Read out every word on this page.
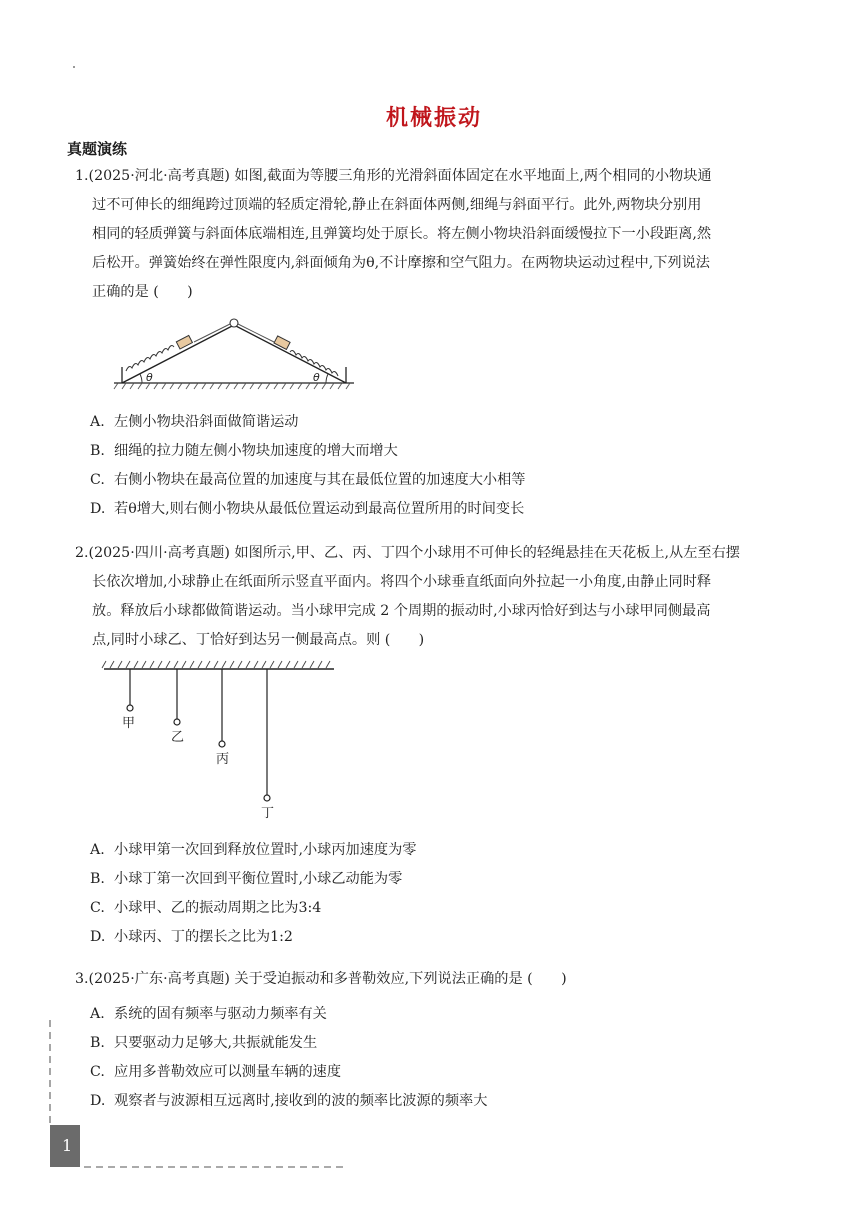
机械振动
真题演练
1.(2025·河北·高考真题) 如图,截面为等腰三角形的光滑斜面体固定在水平地面上,两个相同的小物块通
过不可伸长的细绳跨过顶端的轻质定滑轮,静止在斜面体两侧,细绳与斜面平行。此外,两物块分别用
相同的轻质弹簧与斜面体底端相连,且弹簧均处于原长。将左侧小物块沿斜面缓慢拉下一小段距离,然
后松开。弹簧始终在弹性限度内,斜面倾角为θ,不计摩擦和空气阻力。在两物块运动过程中,下列说法
正确的是 (　　)
θ	θ
A. 左侧小物块沿斜面做简谐运动
B. 细绳的拉力随左侧小物块加速度的增大而增大
C. 右侧小物块在最高位置的加速度与其在最低位置的加速度大小相等
D. 若θ增大,则右侧小物块从最低位置运动到最高位置所用的时间变长
2.(2025·四川·高考真题) 如图所示,甲、乙、丙、丁四个小球用不可伸长的轻绳悬挂在天花板上,从左至右摆
长依次增加,小球静止在纸面所示竖直平面内。将四个小球垂直纸面向外拉起一小角度,由静止同时释
放。释放后小球都做简谐运动。当小球甲完成 2 个周期的振动时,小球丙恰好到达与小球甲同侧最高
点,同时小球乙、丁恰好到达另一侧最高点。则 (　　)
甲
乙
丙
丁
A. 小球甲第一次回到释放位置时,小球丙加速度为零
B. 小球丁第一次回到平衡位置时,小球乙动能为零
C. 小球甲、乙的振动周期之比为3:4
D. 小球丙、丁的摆长之比为1:2
3.(2025·广东·高考真题) 关于受迫振动和多普勒效应,下列说法正确的是 (　　)
A. 系统的固有频率与驱动力频率有关
B. 只要驱动力足够大,共振就能发生
C. 应用多普勒效应可以测量车辆的速度
D. 观察者与波源相互远离时,接收到的波的频率比波源的频率大
1
